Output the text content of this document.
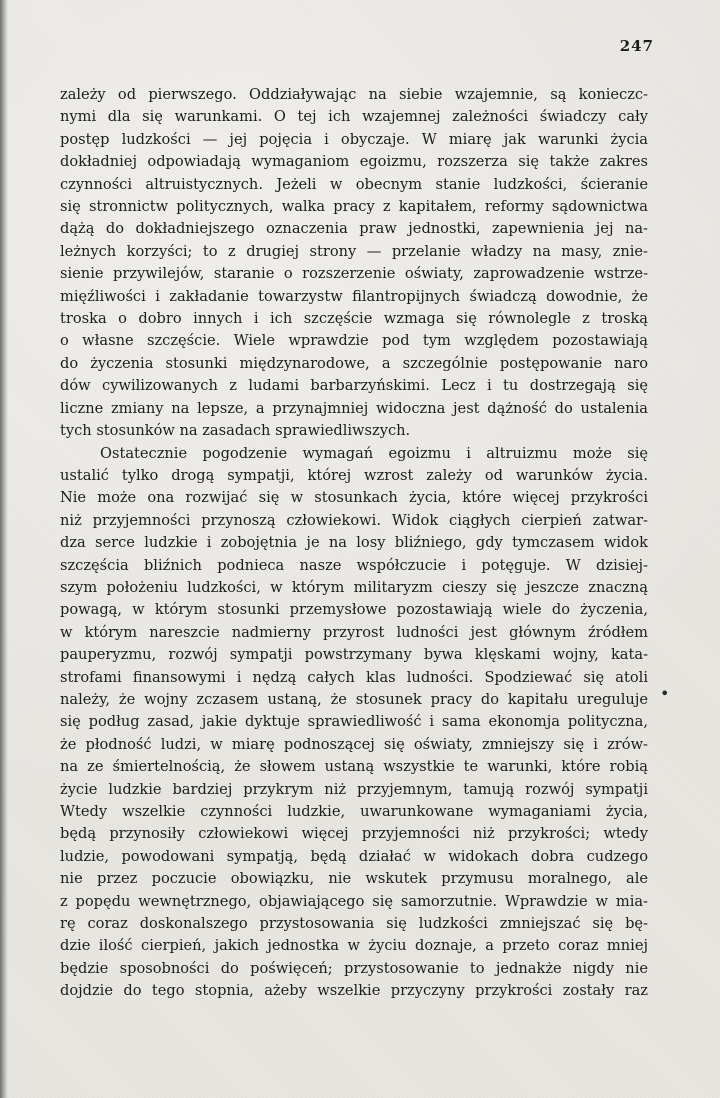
247
zależy od pierwszego. Oddziaływając na siebie wzajemnie, są konieczc-
nymi dla się warunkami. O tej ich wzajemnej zależności świadczy cały
postęp ludzkości — jej pojęcia i obyczaje. W miarę jak warunki życia
dokładniej odpowiadają wymaganiom egoizmu, rozszerza się także zakres
czynności altruistycznych. Jeżeli w obecnym stanie ludzkości, ścieranie
się stronnictw politycznych, walka pracy z kapitałem, reformy sądownictwa
dążą do dokładniejszego oznaczenia praw jednostki, zapewnienia jej na-
leżnych korzyści; to z drugiej strony — przelanie władzy na masy, znie-
sienie przywilejów, staranie o rozszerzenie oświaty, zaprowadzenie wstrze-
mięźliwości i zakładanie towarzystw filantropijnych świadczą dowodnie, że
troska o dobro innych i ich szczęście wzmaga się równolegle z troską
o własne szczęście. Wiele wprawdzie pod tym względem pozostawiają
do życzenia stosunki międzynarodowe, a szczególnie postępowanie naro
dów cywilizowanych z ludami barbarzyńskimi. Lecz i tu dostrzegają się
liczne zmiany na lepsze, a przynajmniej widoczna jest dążność do ustalenia
tych stosunków na zasadach sprawiedliwszych.
Ostatecznie pogodzenie wymagań egoizmu i altruizmu może się
ustalić tylko drogą sympatji, której wzrost zależy od warunków życia.
Nie może ona rozwijać się w stosunkach życia, które więcej przykrości
niż przyjemności przynoszą człowiekowi. Widok ciągłych cierpień zatwar-
dza serce ludzkie i zobojętnia je na losy bliźniego, gdy tymczasem widok
szczęścia bliźnich podnieca nasze współczucie i potęguje. W dzisiej-
szym położeniu ludzkości, w którym militaryzm cieszy się jeszcze znaczną
powagą, w którym stosunki przemysłowe pozostawiają wiele do życzenia,
w którym nareszcie nadmierny przyrost ludności jest głównym źródłem
pauperyzmu, rozwój sympatji powstrzymany bywa klęskami wojny, kata-
strofami finansowymi i nędzą całych klas ludności. Spodziewać się atoli
należy, że wojny zczasem ustaną, że stosunek pracy do kapitału ureguluje
się podług zasad, jakie dyktuje sprawiedliwość i sama ekonomja polityczna,
że płodność ludzi, w miarę podnoszącej się oświaty, zmniejszy się i zrów-
na ze śmiertelnością, że słowem ustaną wszystkie te warunki, które robią
życie ludzkie bardziej przykrym niż przyjemnym, tamują rozwój sympatji
Wtedy wszelkie czynności ludzkie, uwarunkowane wymaganiami życia,
będą przynosiły człowiekowi więcej przyjemności niż przykrości; wtedy
ludzie, powodowani sympatją, będą działać w widokach dobra cudzego
nie przez poczucie obowiązku, nie wskutek przymusu moralnego, ale
z popędu wewnętrznego, objawiającego się samorzutnie. Wprawdzie w mia-
rę coraz doskonalszego przystosowania się ludzkości zmniejszać się bę-
dzie ilość cierpień, jakich jednostka w życiu doznaje, a przeto coraz mniej
będzie sposobności do poświęceń; przystosowanie to jednakże nigdy nie
dojdzie do tego stopnia, ażeby wszelkie przyczyny przykrości zostały raz
•
